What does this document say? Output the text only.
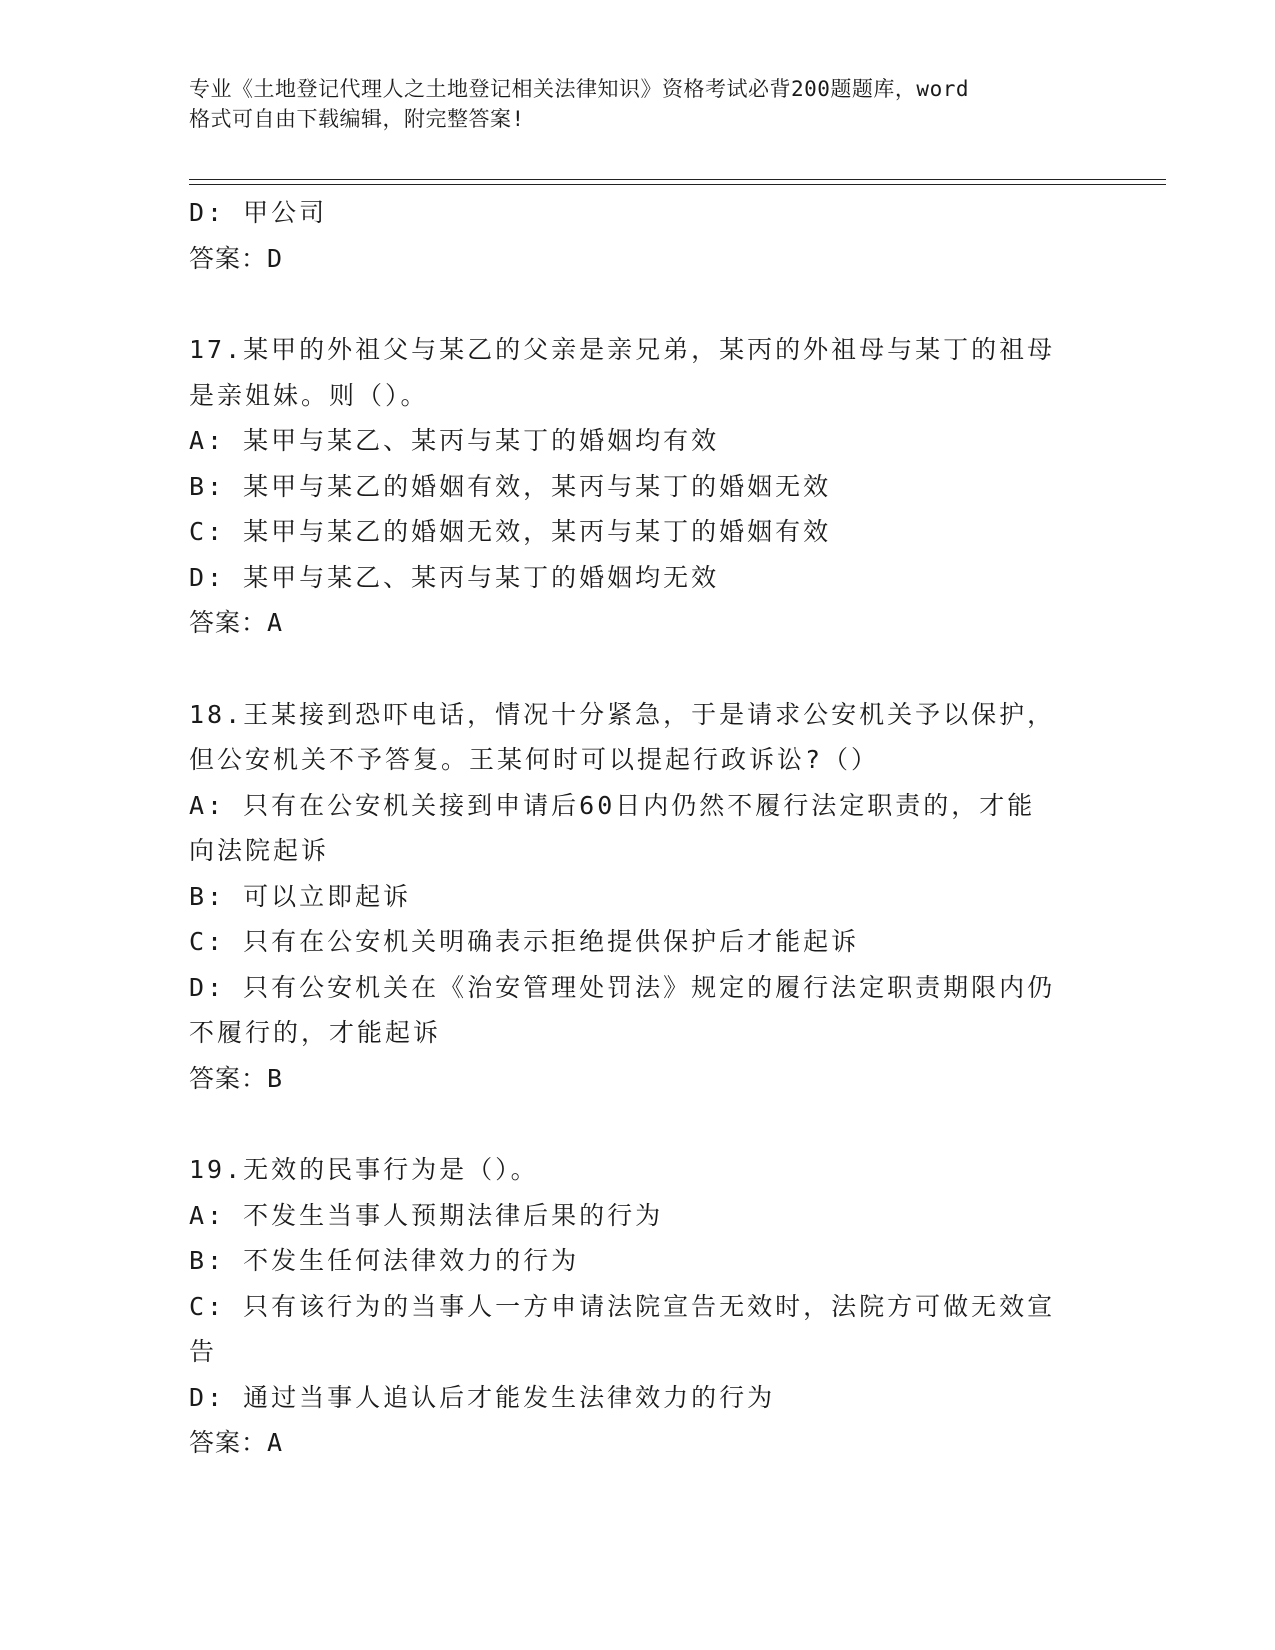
专业《土地登记代理人之土地登记相关法律知识》资格考试必背200题题库，word
格式可自由下载编辑，附完整答案!
D: 甲公司
答案：D
17.某甲的外祖父与某乙的父亲是亲兄弟，某丙的外祖母与某丁的祖母
是亲姐妹。则（）。
A: 某甲与某乙、某丙与某丁的婚姻均有效
B: 某甲与某乙的婚姻有效，某丙与某丁的婚姻无效
C: 某甲与某乙的婚姻无效，某丙与某丁的婚姻有效
D: 某甲与某乙、某丙与某丁的婚姻均无效
答案：A
18.王某接到恐吓电话，情况十分紧急，于是请求公安机关予以保护，
但公安机关不予答复。王某何时可以提起行政诉讼?（）
A: 只有在公安机关接到申请后60日内仍然不履行法定职责的，才能
向法院起诉
B: 可以立即起诉
C: 只有在公安机关明确表示拒绝提供保护后才能起诉
D: 只有公安机关在《治安管理处罚法》规定的履行法定职责期限内仍
不履行的，才能起诉
答案：B
19.无效的民事行为是（）。
A: 不发生当事人预期法律后果的行为
B: 不发生任何法律效力的行为
C: 只有该行为的当事人一方申请法院宣告无效时，法院方可做无效宣
告
D: 通过当事人追认后才能发生法律效力的行为
答案：A
